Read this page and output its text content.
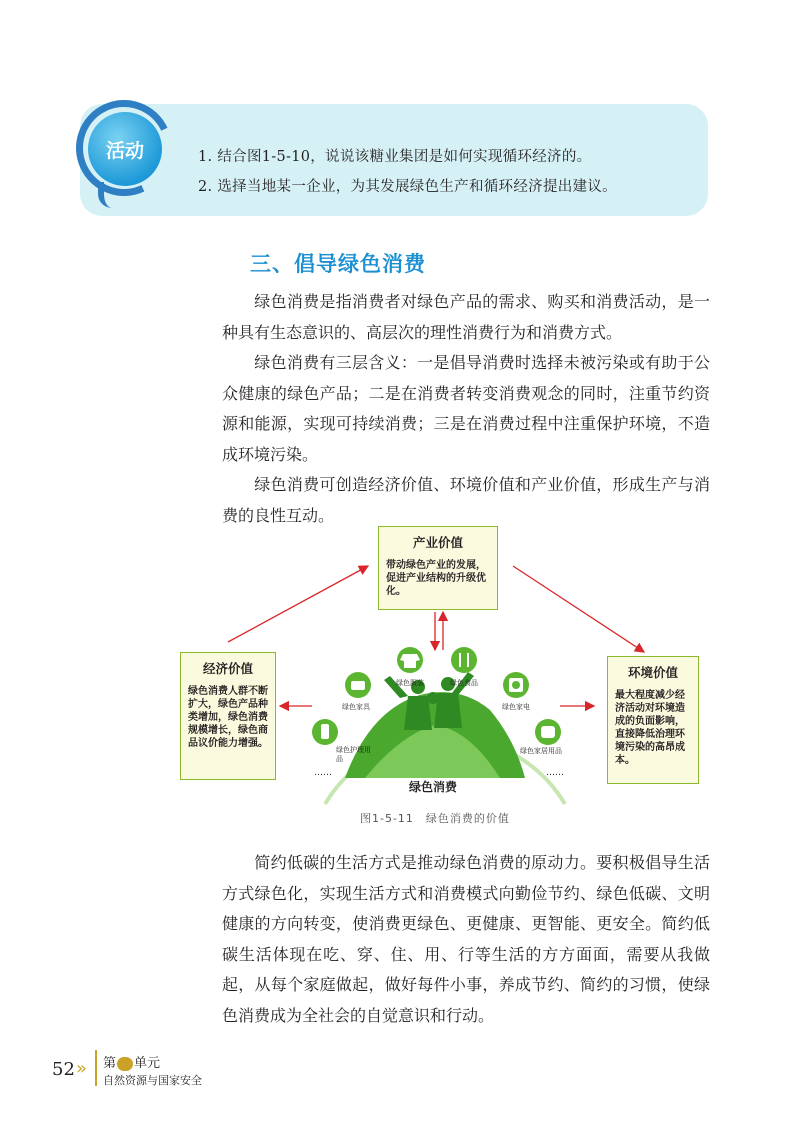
活动	1. 结合图1-5-10，说说该糖业集团是如何实现循环经济的。
2. 选择当地某一企业，为其发展绿色生产和循环经济提出建议。
三、倡导绿色消费
绿色消费是指消费者对绿色产品的需求、购买和消费活动，是一种具有生态意识的、高层次的理性消费行为和消费方式。
绿色消费有三层含义：一是倡导消费时选择未被污染或有助于公众健康的绿色产品；二是在消费者转变消费观念的同时，注重节约资源和能源，实现可持续消费；三是在消费过程中注重保护环境，不造成环境污染。
绿色消费可创造经济价值、环境价值和产业价值，形成生产与消费的良性互动。
产业价值
带动绿色产业的发展，促进产业结构的升级优化。
经济价值
绿色消费人群不断扩大，绿色产品种类增加，绿色消费规模增长，绿色商品议价能力增强。
环境价值
最大程度减少经济活动对环境造成的负面影响，直接降低治理环境污染的高昂成本。
绿色护理用品
绿色家具
绿色服装	绿色食品
绿色家电
绿色家居用品
……	……
绿色消费
图1-5-11　绿色消费的价值
简约低碳的生活方式是推动绿色消费的原动力。要积极倡导生活方式绿色化，实现生活方式和消费模式向勤俭节约、绿色低碳、文明健康的方向转变，使消费更绿色、更健康、更智能、更安全。简约低碳生活体现在吃、穿、住、用、行等生活的方方面面，需要从我做起，从每个家庭做起，做好每件小事，养成节约、简约的习惯，使绿色消费成为全社会的自觉意识和行动。
52 » 第 单元
自然资源与国家安全
